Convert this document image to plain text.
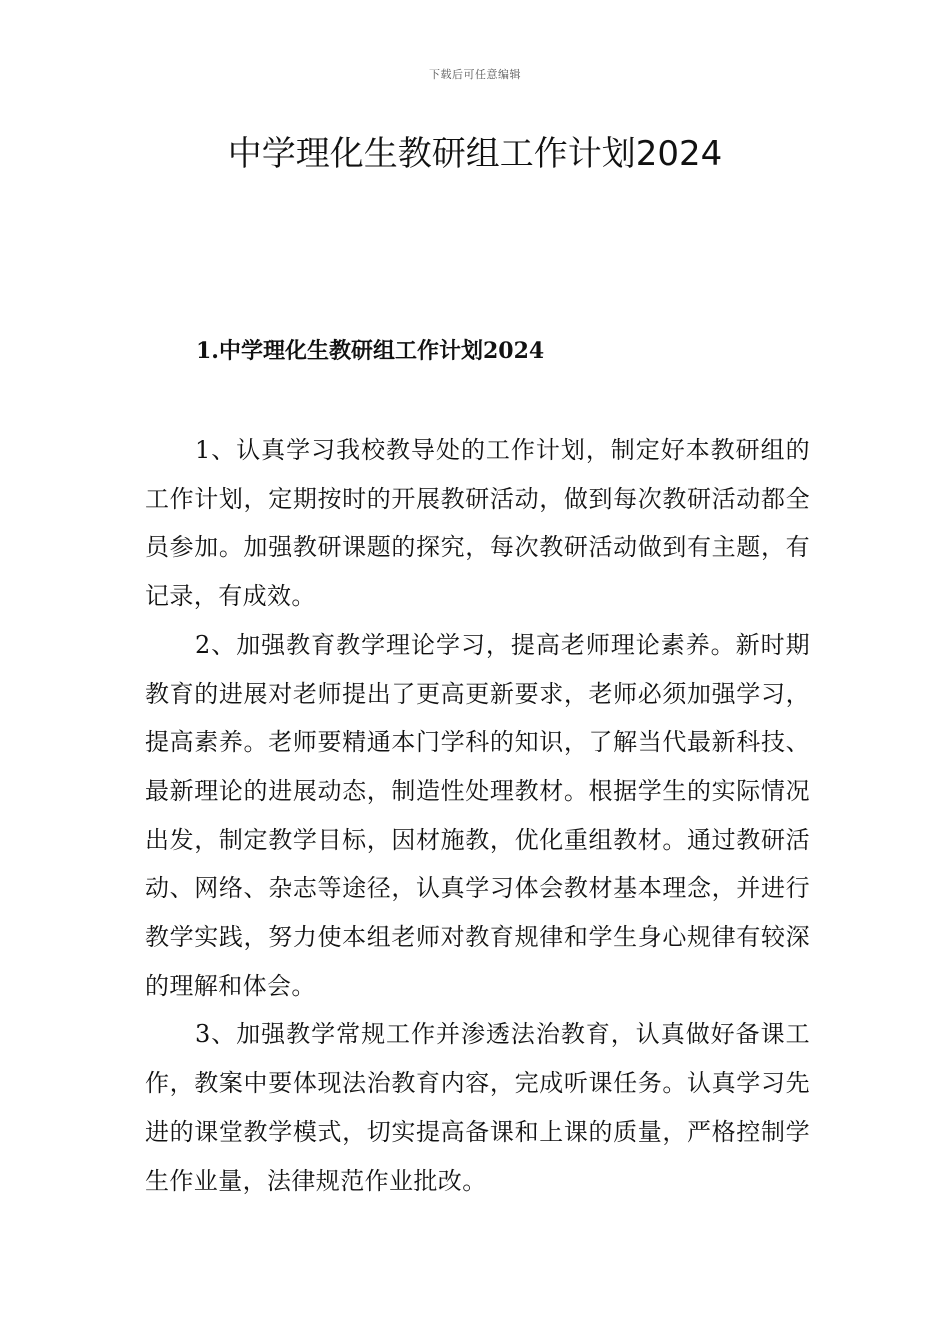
下载后可任意编辑
中学理化生教研组工作计划2024
1.中学理化生教研组工作计划2024

1、认真学习我校教导处的工作计划，制定好本教研组的工作计划，定期按时的开展教研活动，做到每次教研活动都全员参加。加强教研课题的探究，每次教研活动做到有主题，有记录，有成效。

2、加强教育教学理论学习，提高老师理论素养。新时期教育的进展对老师提出了更高更新要求，老师必须加强学习，提高素养。老师要精通本门学科的知识，了解当代最新科技、最新理论的进展动态，制造性处理教材。根据学生的实际情况出发，制定教学目标，因材施教，优化重组教材。通过教研活动、网络、杂志等途径，认真学习体会教材基本理念，并进行教学实践，努力使本组老师对教育规律和学生身心规律有较深的理解和体会。

3、加强教学常规工作并渗透法治教育，认真做好备课工作，教案中要体现法治教育内容，完成听课任务。认真学习先进的课堂教学模式，切实提高备课和上课的质量，严格控制学生作业量，法律规范作业批改。
